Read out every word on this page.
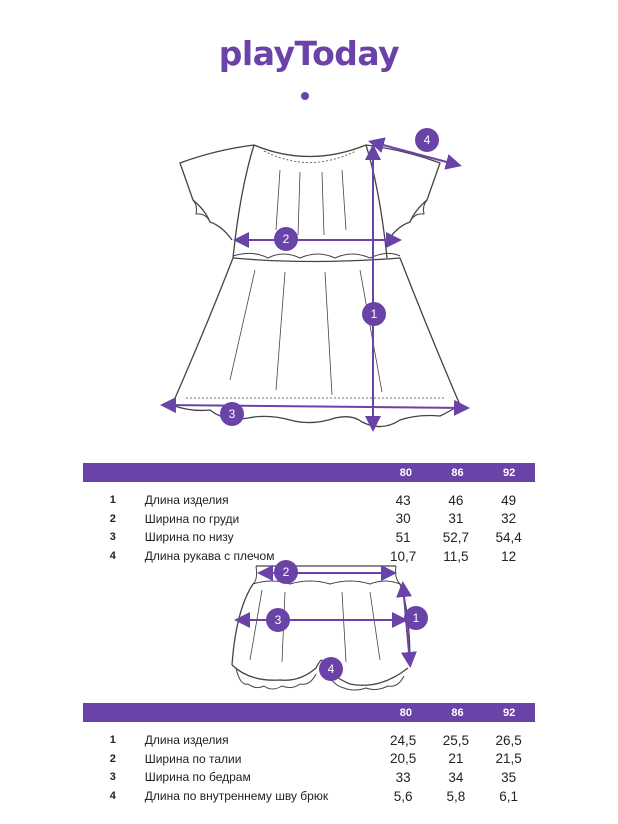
playToday
4
2
1
3
2
1
3
4
80	86	92
1	Длина изделия	43	46	49
2	Ширина по груди	30	31	32
3	Ширина по низу	51	52,7	54,4
4	Длина рукава с плечом	10,7	11,5	12
80	86	92
1	Длина изделия	24,5	25,5	26,5
2	Ширина по талии	20,5	21	21,5
3	Ширина по бедрам	33	34	35
4	Длина по внутреннему шву брюк	5,6	5,8	6,1
